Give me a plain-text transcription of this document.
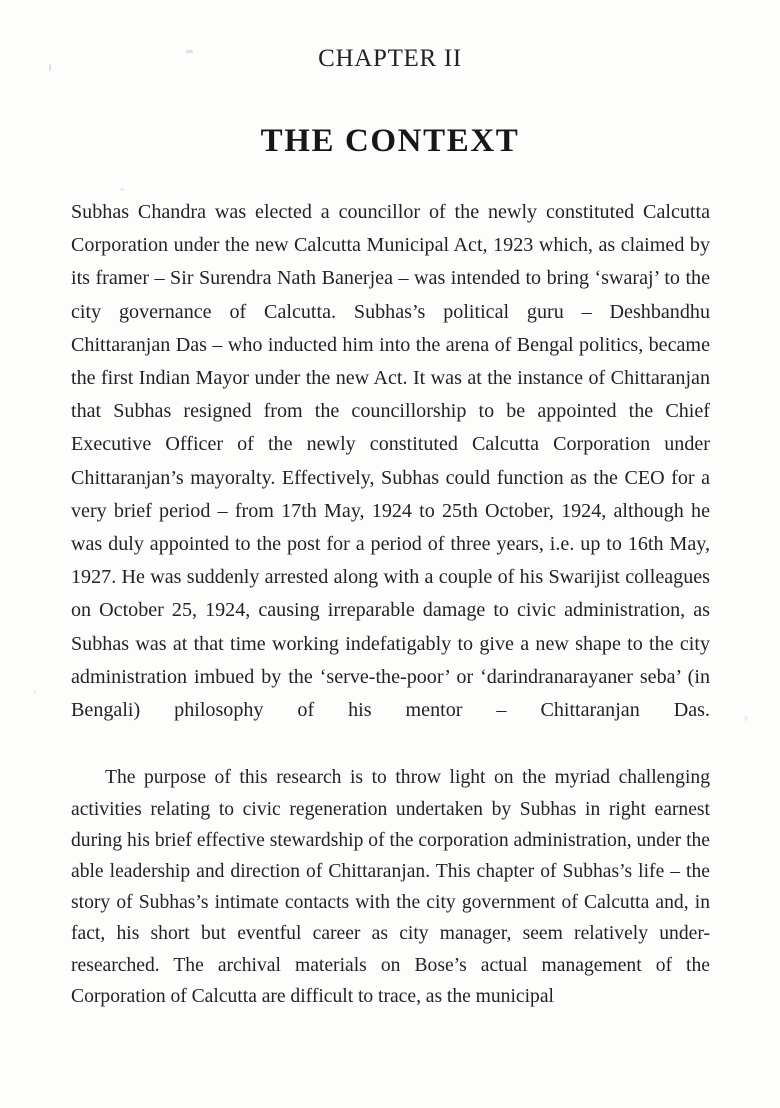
CHAPTER II
THE CONTEXT

Subhas Chandra was elected a councillor of the newly constituted Calcutta Corporation under the new Calcutta Municipal Act, 1923 which, as claimed by its framer – Sir Surendra Nath Banerjea – was intended to bring ‘swaraj’ to the city governance of Calcutta. Subhas’s political guru – Deshbandhu Chittaranjan Das – who inducted him into the arena of Bengal politics, became the first Indian Mayor under the new Act. It was at the instance of Chittaranjan that Subhas resigned from the councillorship to be appointed the Chief Executive Officer of the newly constituted Calcutta Corporation under Chittaranjan’s mayoralty. Effectively, Subhas could function as the CEO for a very brief period – from 17th May, 1924 to 25th October, 1924, although he was duly appointed to the post for a period of three years, i.e. up to 16th May, 1927. He was suddenly arrested along with a couple of his Swarijist colleagues on October 25, 1924, causing irreparable damage to civic administration, as Subhas was at that time working indefatigably to give a new shape to the city administration imbued by the ‘serve-the-poor’ or ‘darindranarayaner seba’ (in Bengali) philosophy of his mentor – Chittaranjan Das.

The purpose of this research is to throw light on the myriad challenging activities relating to civic regeneration undertaken by Subhas in right earnest during his brief effective stewardship of the corporation administration, under the able leadership and direction of Chittaranjan. This chapter of Subhas’s life – the story of Subhas’s intimate contacts with the city government of Calcutta and, in fact, his short but eventful career as city manager, seem relatively under-researched. The archival materials on Bose’s actual management of the Corporation of Calcutta are difficult to trace, as the municipal
